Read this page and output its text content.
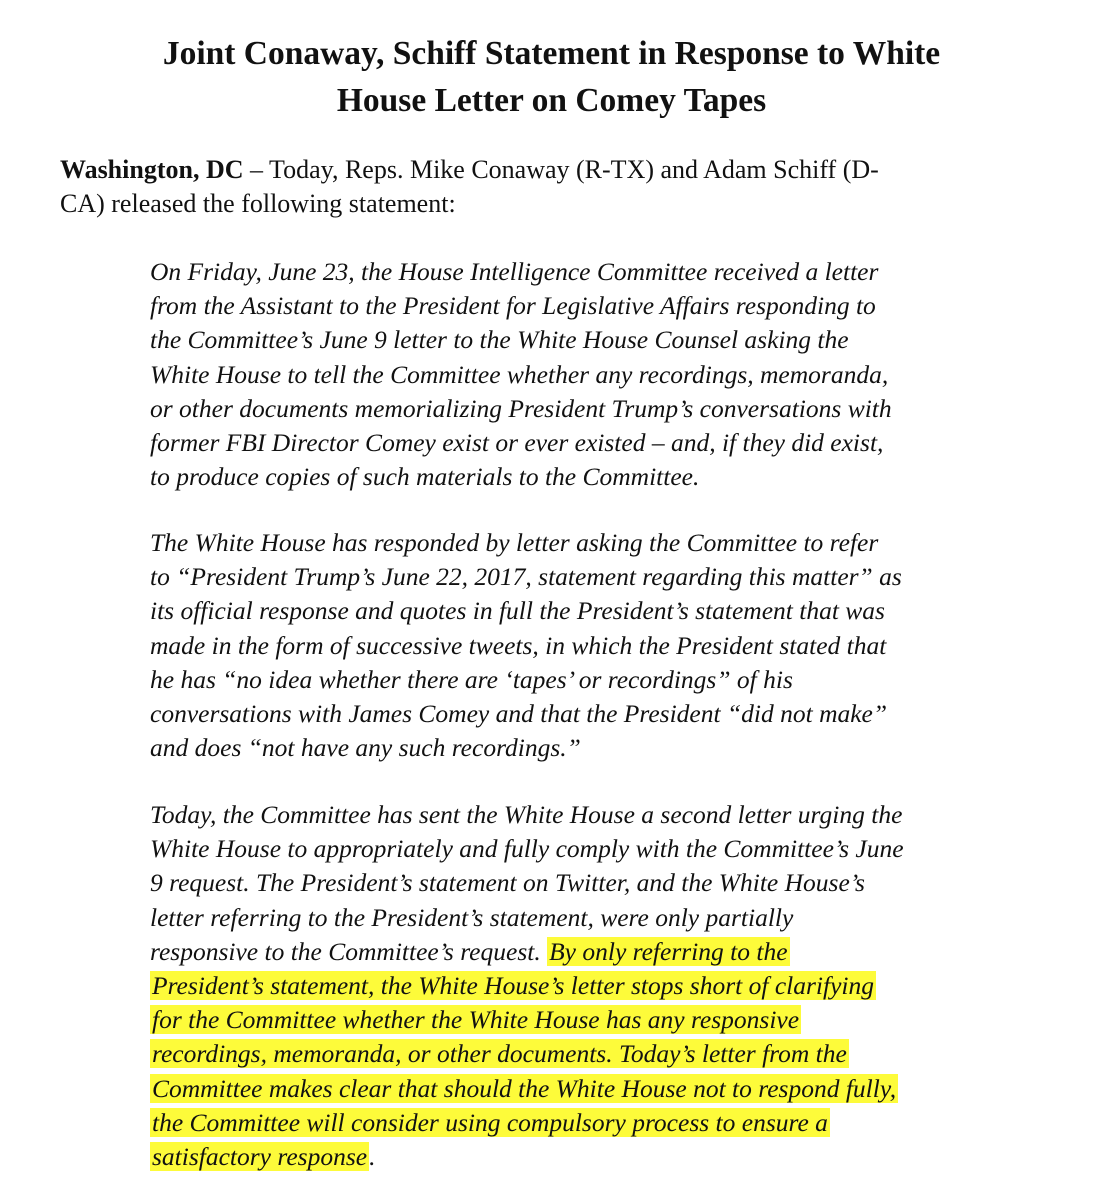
Joint Conaway, Schiff Statement in Response to White
House Letter on Comey Tapes

Washington, DC – Today, Reps. Mike Conaway (R-TX) and Adam Schiff (D-
CA) released the following statement:

On Friday, June 23, the House Intelligence Committee received a letter
from the Assistant to the President for Legislative Affairs responding to
the Committee’s June 9 letter to the White House Counsel asking the
White House to tell the Committee whether any recordings, memoranda,
or other documents memorializing President Trump’s conversations with
former FBI Director Comey exist or ever existed – and, if they did exist,
to produce copies of such materials to the Committee.

The White House has responded by letter asking the Committee to refer
to “President Trump’s June 22, 2017, statement regarding this matter” as
its official response and quotes in full the President’s statement that was
made in the form of successive tweets, in which the President stated that
he has “no idea whether there are ‘tapes’ or recordings” of his
conversations with James Comey and that the President “did not make”
and does “not have any such recordings.”

Today, the Committee has sent the White House a second letter urging the
White House to appropriately and fully comply with the Committee’s June
9 request. The President’s statement on Twitter, and the White House’s
letter referring to the President’s statement, were only partially
responsive to the Committee’s request. By only referring to the
President’s statement, the White House’s letter stops short of clarifying
for the Committee whether the White House has any responsive
recordings, memoranda, or other documents. Today’s letter from the
Committee makes clear that should the White House not to respond fully,
the Committee will consider using compulsory process to ensure a
satisfactory response.
